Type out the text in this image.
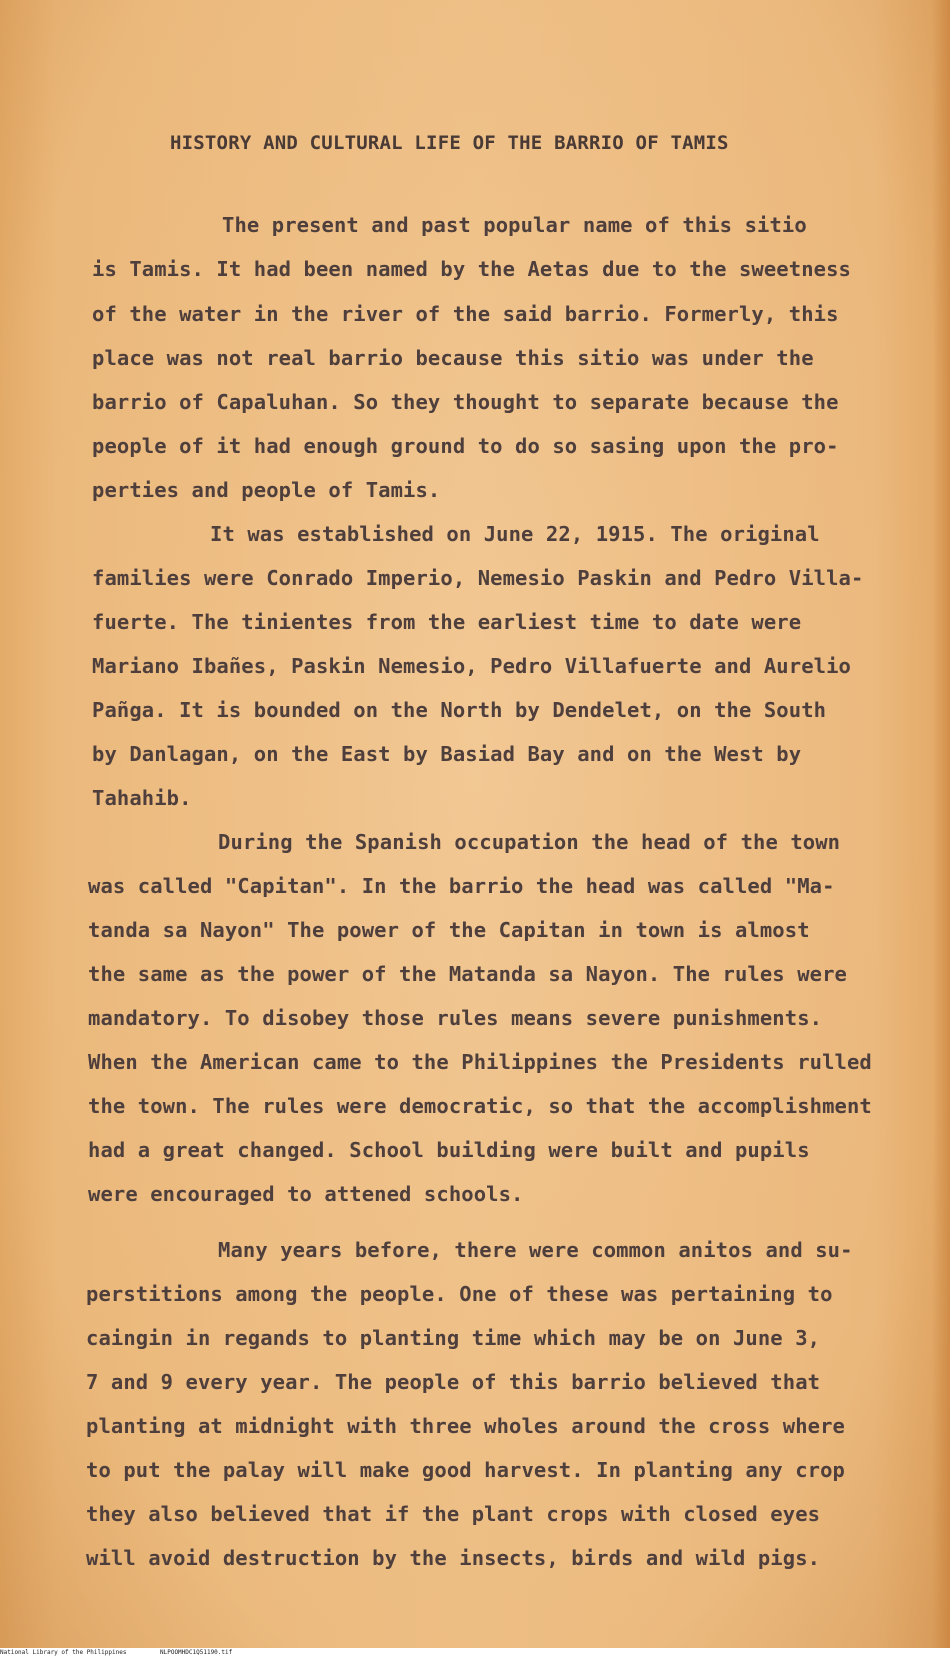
HISTORY AND CULTURAL LIFE OF THE BARRIO OF TAMIS
The present and past popular name of this sitio
is Tamis. It had been named by the Aetas due to the sweetness
of the water in the river of the said barrio. Formerly, this
place was not real barrio because this sitio was under the
barrio of Capaluhan. So they thought to separate because the
people of it had enough ground to do so sasing upon the pro-
perties and people of Tamis.
It was established on June 22, 1915. The original
families were Conrado Imperio, Nemesio Paskin and Pedro Villa-
fuerte. The tinientes from the earliest time to date were
Mariano Ibañes, Paskin Nemesio, Pedro Villafuerte and Aurelio
Pañga. It is bounded on the North by Dendelet, on the South
by Danlagan, on the East by Basiad Bay and on the West by
Tahahib.
During the Spanish occupation the head of the town
was called "Capitan". In the barrio the head was called "Ma-
tanda sa Nayon" The power of the Capitan in town is almost
the same as the power of the Matanda sa Nayon. The rules were
mandatory. To disobey those rules means severe punishments.
When the American came to the Philippines the Presidents rulled
the town. The rules were democratic, so that the accomplishment
had a great changed. School building were built and pupils
were encouraged to attened schools.
Many years before, there were common anitos and su-
perstitions among the people. One of these was pertaining to
caingin in regands to planting time which may be on June 3,
7 and 9 every year. The people of this barrio believed that
planting at midnight with three wholes around the cross where
to put the palay will make good harvest. In planting any crop
they also believed that if the plant crops with closed eyes
will avoid destruction by the insects, birds and wild pigs.
National Library of the Philippines	NLPOOMHDC1Q51190.tif
